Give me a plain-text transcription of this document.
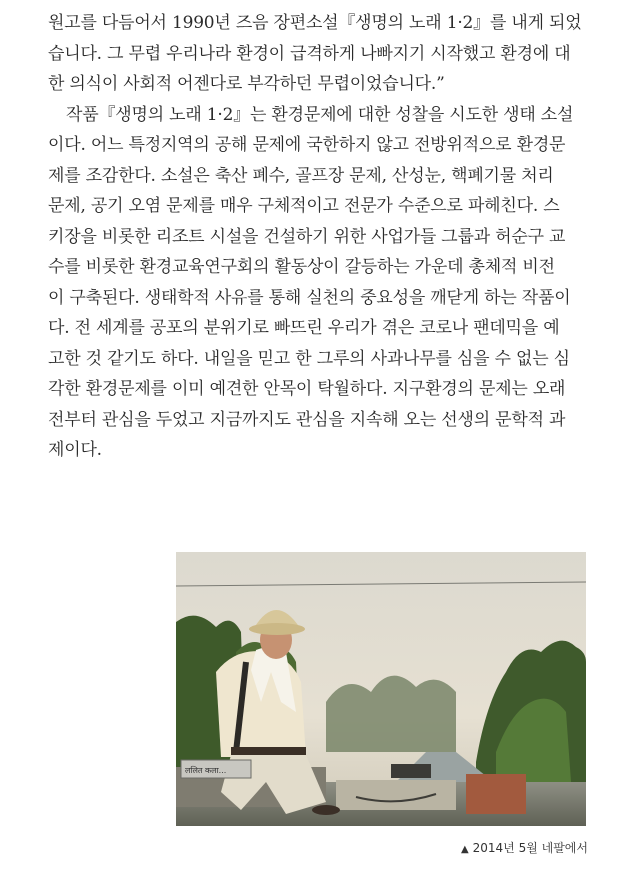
원고를 다듬어서 1990년 즈음 장편소설『생명의 노래 1·2』를 내게 되었
습니다. 그 무렵 우리나라 환경이 급격하게 나빠지기 시작했고 환경에 대
한 의식이 사회적 어젠다로 부각하던 무렵이었습니다.”
작품『생명의 노래 1·2』는 환경문제에 대한 성찰을 시도한 생태 소설
이다. 어느 특정지역의 공해 문제에 국한하지 않고 전방위적으로 환경문
제를 조감한다. 소설은 축산 폐수, 골프장 문제, 산성눈, 핵폐기물 처리
문제, 공기 오염 문제를 매우 구체적이고 전문가 수준으로 파헤친다. 스
키장을 비롯한 리조트 시설을 건설하기 위한 사업가들 그룹과 허순구 교
수를 비롯한 환경교육연구회의 활동상이 갈등하는 가운데 총체적 비전
이 구축된다. 생태학적 사유를 통해 실천의 중요성을 깨닫게 하는 작품이
다. 전 세계를 공포의 분위기로 빠뜨린 우리가 겪은 코로나 팬데믹을 예
고한 것 같기도 하다. 내일을 믿고 한 그루의 사과나무를 심을 수 없는 심
각한 환경문제를 이미 예견한 안목이 탁월하다. 지구환경의 문제는 오래
전부터 관심을 두었고 지금까지도 관심을 지속해 오는 선생의 문학적 과
제이다.
ललित कला...
▲ 2014년 5월 네팔에서
